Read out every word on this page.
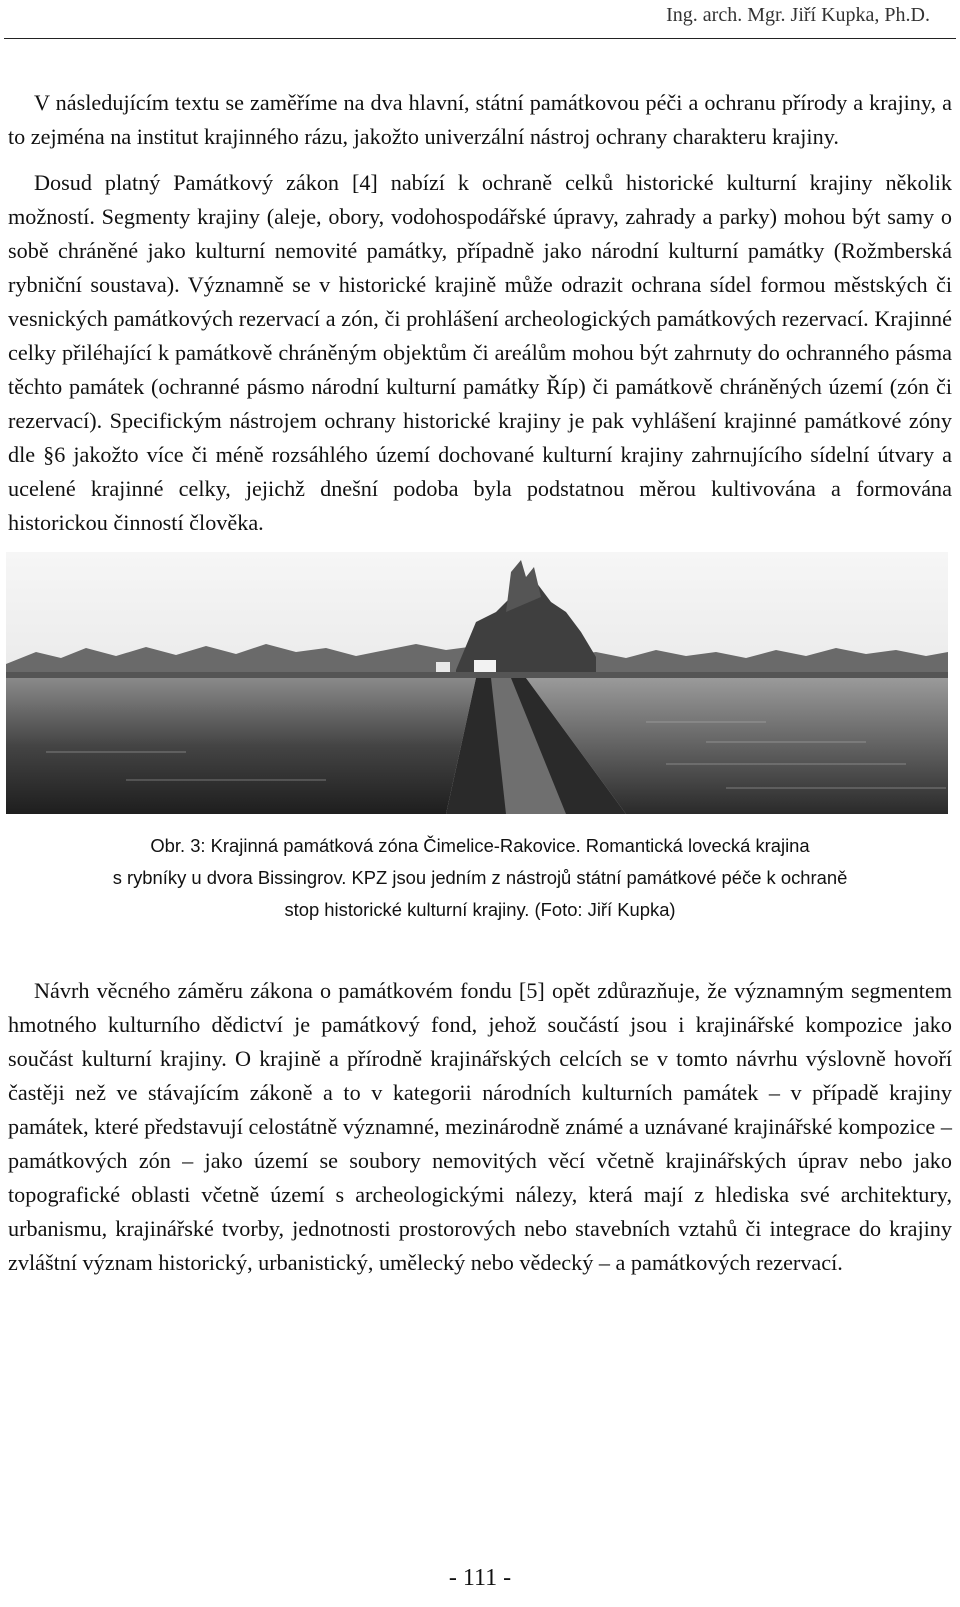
Ing. arch. Mgr. Jiří Kupka, Ph.D.

V následujícím textu se zaměříme na dva hlavní, státní památkovou péči a ochranu přírody a krajiny, a to zejména na institut krajinného rázu, jakožto univerzální nástroj ochrany charakteru krajiny.

Dosud platný Památkový zákon [4] nabízí k ochraně celků historické kulturní krajiny několik možností. Segmenty krajiny (aleje, obory, vodohospodářské úpravy, zahrady a parky) mohou být samy o sobě chráněné jako kulturní nemovité památky, případně jako národní kulturní památky (Rožmberská rybniční soustava). Významně se v historické krajině může odrazit ochrana sídel formou městských či vesnických památkových rezervací a zón, či prohlášení archeologických památkových rezervací. Krajinné celky přiléhající k památkově chráněným objektům či areálům mohou být zahrnuty do ochranného pásma těchto památek (ochranné pásmo národní kulturní památky Říp) či památkově chráněných území (zón či rezervací). Specifickým nástrojem ochrany historické krajiny je pak vyhlášení krajinné památkové zóny dle §6 jakožto více či méně rozsáhlého území dochované kulturní krajiny zahrnujícího sídelní útvary a ucelené krajinné celky, jejichž dnešní podoba byla podstatnou měrou kultivována a formována historickou činností člověka.

Obr. 3: Krajinná památková zóna Čimelice-Rakovice. Romantická lovecká krajina
s rybníky u dvora Bissingrov. KPZ jsou jedním z nástrojů státní památkové péče k ochraně
stop historické kulturní krajiny. (Foto: Jiří Kupka)

Návrh věcného záměru zákona o památkovém fondu [5] opět zdůrazňuje, že významným segmentem hmotného kulturního dědictví je památkový fond, jehož součástí jsou i krajinářské kompozice jako součást kulturní krajiny. O krajině a přírodně krajinářských celcích se v tomto návrhu výslovně hovoří častěji než ve stávajícím zákoně a to v kategorii národních kulturních památek – v případě krajiny památek, které představují celostátně významné, mezinárodně známé a uznávané krajinářské kompozice – památkových zón – jako území se soubory nemovitých věcí včetně krajinářských úprav nebo jako topografické oblasti včetně území s archeologickými nálezy, která mají z hlediska své architektury, urbanismu, krajinářské tvorby, jednotnosti prostorových nebo stavebních vztahů či integrace do krajiny zvláštní význam historický, urbanistický, umělecký nebo vědecký – a památkových rezervací.

- 111 -
